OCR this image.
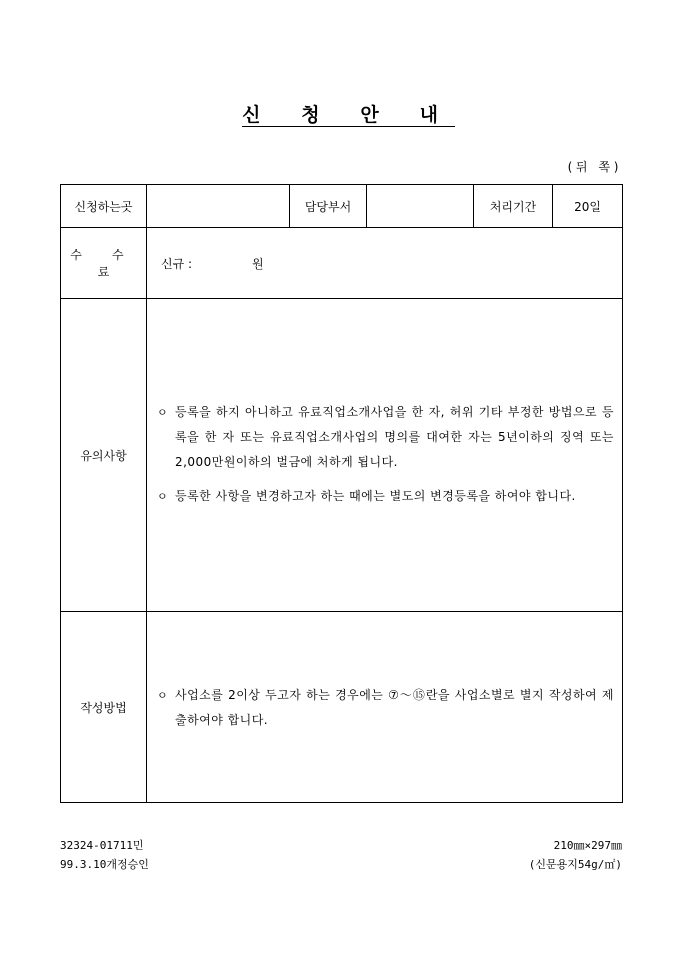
신 청 안 내
(뒤 쪽)
신청하는곳		담당부서		처리기간	20일
수 수 료	신규 : 원				
유의사항	ㅇ 등록을 하지 아니하고 유료직업소개사업을 한 자, 허위 기타 부정한 방법으로 등록을 한 자 또는 유료직업소개사업의 명의를 대여한 자는 5년이하의 징역 또는 2,000만원이하의 벌금에 처하게 됩니다.
ㅇ 등록한 사항을 변경하고자 하는 때에는 별도의 변경등록을 하여야 합니다.				

작성방법	ㅇ 사업소를 2이상 두고자 하는 경우에는 ⑦～⑮란을 사업소별로 별지 작성하여 제출하여야 합니다.				
32324-01711민
99.3.10개정승인
210㎜×297㎜
(신문용지54g/㎡)
